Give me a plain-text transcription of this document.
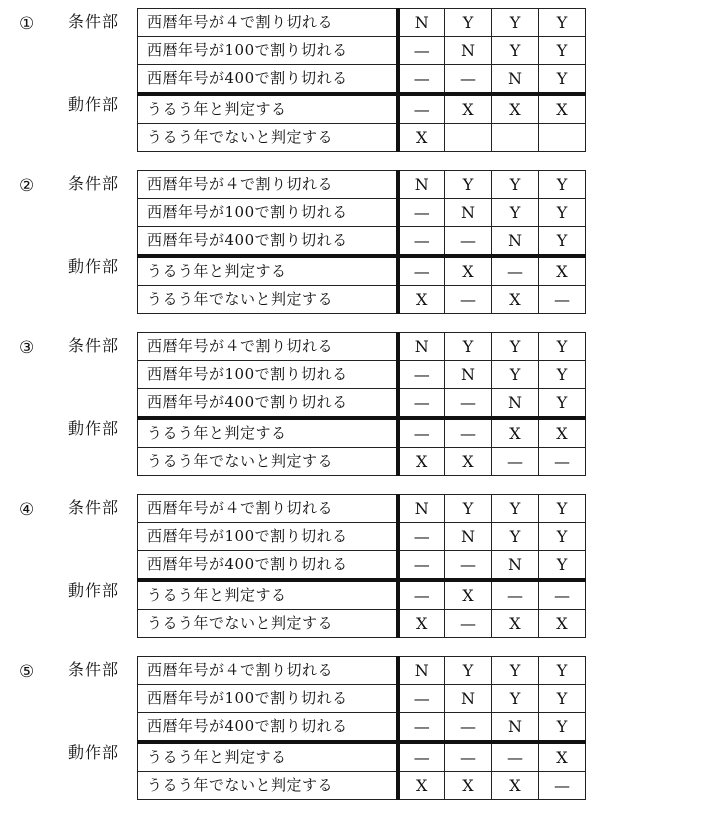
① 条件部
動作部
西暦年号が４で割り切れる	N	Y	Y	Y
西暦年号が100で割り切れる	—	N	Y	Y
西暦年号が400で割り切れる	—	—	N	Y
うるう年と判定する	—	X	X	X
うるう年でないと判定する	X			
② 条件部
動作部
西暦年号が４で割り切れる	N	Y	Y	Y
西暦年号が100で割り切れる	—	N	Y	Y
西暦年号が400で割り切れる	—	—	N	Y
うるう年と判定する	—	X	—	X
うるう年でないと判定する	X	—	X	—
③ 条件部
動作部
西暦年号が４で割り切れる	N	Y	Y	Y
西暦年号が100で割り切れる	—	N	Y	Y
西暦年号が400で割り切れる	—	—	N	Y
うるう年と判定する	—	—	X	X
うるう年でないと判定する	X	X	—	—
④ 条件部
動作部
西暦年号が４で割り切れる	N	Y	Y	Y
西暦年号が100で割り切れる	—	N	Y	Y
西暦年号が400で割り切れる	—	—	N	Y
うるう年と判定する	—	X	—	—
うるう年でないと判定する	X	—	X	X
⑤ 条件部
動作部
西暦年号が４で割り切れる	N	Y	Y	Y
西暦年号が100で割り切れる	—	N	Y	Y
西暦年号が400で割り切れる	—	—	N	Y
うるう年と判定する	—	—	—	X
うるう年でないと判定する	X	X	X	—
